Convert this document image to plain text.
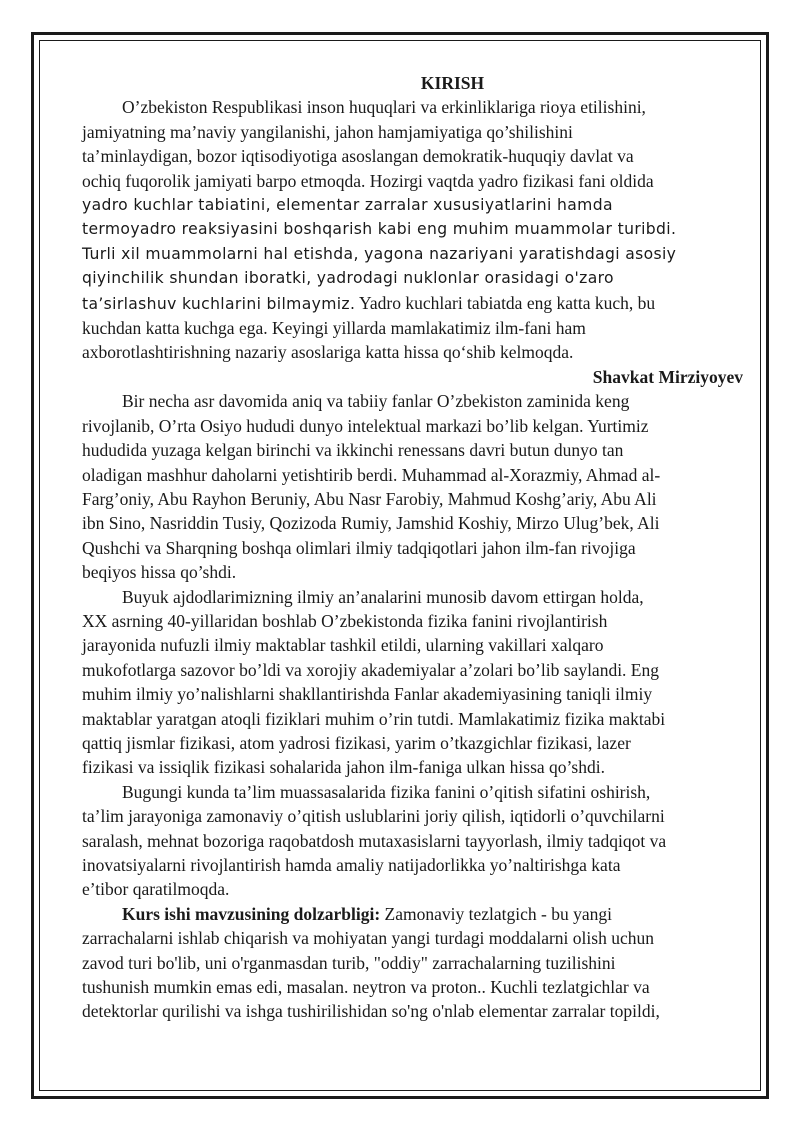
KIRISH

O’zbekiston Respublikasi inson huquqlari va erkinliklariga rioya etilishini,

jamiyatning ma’naviy yangilanishi, jahon hamjamiyatiga qo’shilishini

ta’minlaydigan, bozor iqtisodiyotiga asoslangan demokratik-huquqiy davlat va

ochiq fuqorolik jamiyati barpo etmoqda. Hozirgi vaqtda yadro fizikasi fani oldida

yadro kuchlar tabiatini, elementar zarralar xususiyatlarini hamda

termoyadro reaksiyasini boshqarish kabi eng muhim muammolar turibdi.

Turli xil muammolarni hal etishda, yagona nazariyani yaratishdagi asosiy

qiyinchilik shundan iboratki, yadrodagi nuklonlar orasidagi o'zaro

ta’sirlashuv kuchlarini bilmaymiz. Yadro kuchlari tabiatda eng katta kuch, bu

kuchdan katta kuchga ega. Keyingi yillarda mamlakatimiz ilm-fani ham

axborotlashtirishning nazariy asoslariga katta hissa qo‘shib kelmoqda.

Shavkat Mirziyoyev

Bir necha asr davomida aniq va tabiiy fanlar O’zbekiston zaminida keng

rivojlanib, O’rta Osiyo hududi dunyo intelektual markazi bo’lib kelgan. Yurtimiz

hududida yuzaga kelgan birinchi va ikkinchi renessans davri butun dunyo tan

oladigan mashhur daholarni yetishtirib berdi. Muhammad al-Xorazmiy, Ahmad al-

Farg’oniy, Abu Rayhon Beruniy, Abu Nasr Farobiy, Mahmud Koshg’ariy, Abu Ali

ibn Sino, Nasriddin Tusiy, Qozizoda Rumiy, Jamshid Koshiy, Mirzo Ulug’bek, Ali

Qushchi va Sharqning boshqa olimlari ilmiy tadqiqotlari jahon ilm-fan rivojiga

beqiyos hissa qo’shdi.

Buyuk ajdodlarimizning ilmiy an’analarini munosib davom ettirgan holda,

XX asrning 40-yillaridan boshlab O’zbekistonda fizika fanini rivojlantirish

jarayonida nufuzli ilmiy maktablar tashkil etildi, ularning vakillari xalqaro

mukofotlarga sazovor bo’ldi va xorojiy akademiyalar a’zolari bo’lib saylandi. Eng

muhim ilmiy yo’nalishlarni shakllantirishda Fanlar akademiyasining taniqli ilmiy

maktablar yaratgan atoqli fiziklari muhim o’rin tutdi. Mamlakatimiz fizika maktabi

qattiq jismlar fizikasi, atom yadrosi fizikasi, yarim o’tkazgichlar fizikasi, lazer

fizikasi va issiqlik fizikasi sohalarida jahon ilm-faniga ulkan hissa qo’shdi.

Bugungi kunda ta’lim muassasalarida fizika fanini o’qitish sifatini oshirish,

ta’lim jarayoniga zamonaviy o’qitish uslublarini joriy qilish, iqtidorli o’quvchilarni

saralash, mehnat bozoriga raqobatdosh mutaxasislarni tayyorlash, ilmiy tadqiqot va

inovatsiyalarni rivojlantirish hamda amaliy natijadorlikka yo’naltirishga kata

e’tibor qaratilmoqda.

Kurs ishi mavzusining dolzarbligi: Zamonaviy tezlatgich - bu yangi

zarrachalarni ishlab chiqarish va mohiyatan yangi turdagi moddalarni olish uchun

zavod turi bo'lib, uni o'rganmasdan turib, "oddiy" zarrachalarning tuzilishini

tushunish mumkin emas edi, masalan. neytron va proton.. Kuchli tezlatgichlar va

detektorlar qurilishi va ishga tushirilishidan so'ng o'nlab elementar zarralar topildi,
